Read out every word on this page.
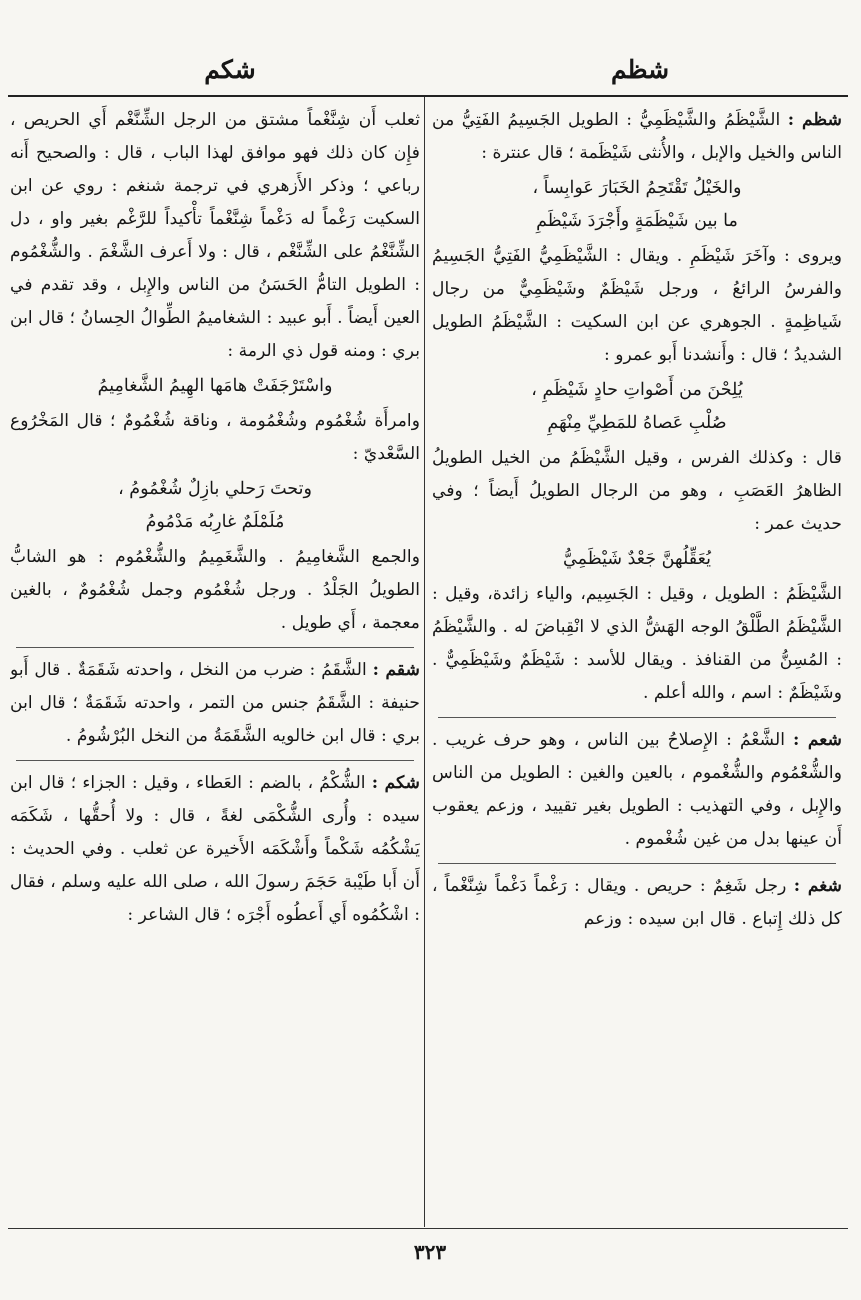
شظم
شكم

شظم : الشَّيْظَمُ والشَّيْظَمِيُّ : الطويل الجَسِيمُ الفَتِيُّ من الناس والخيل والإبل ، والأُنثى شَيْظَمة ؛ قال عنترة :

والخَيْلُ تَقْتَحِمُ الخَبَارَ عَوابِساً ،
ما بين شَيْظَمَةٍ وأَجْرَدَ شَيْظَمِ

ويروى : وآخَرَ شَيْظَمِ . ويقال : الشَّيْظَمِيُّ الفَتِيُّ الجَسِيمُ والفرسُ الرائعُ ، ورجل شَيْظَمٌ وشَيْظَمِيٌّ من رجال شَياظِمةٍ . الجوهري عن ابن السكيت : الشَّيْظَمُ الطويل الشديدُ ؛ قال : وأَنشدنا أَبو عمرو :

يُلِحْنَ من أَصْواتِ حادٍ شَيْظَمِ ،
صُلْبِ عَصاهُ للمَطِيِّ مِنْهَمِ

قال : وكذلك الفرس ، وقيل الشَّيْظَمُ من الخيل الطويلُ الظاهرُ العَصَبِ ، وهو من الرجال الطويلُ أَيضاً ؛ وفي حديث عمر :

يُعَقِّلُهنَّ جَعْدٌ شَيْظَمِيُّ

الشَّيْظَمُ : الطويل ، وقيل : الجَسِيم، والياء زائدة، وقيل : الشَّيْظَمُ الطَّلْقُ الوجه الهَشُّ الذي لا انْقِباضَ له . والشَّيْظَمُ : المُسِنُّ من القنافذ . ويقال للأسد : شَيْظَمٌ وشَيْظَمِيٌّ . وشَيْظَمٌ : اسم ، والله أعلم .

شعم : الشَّعْمُ : الإِصلاحُ بين الناس ، وهو حرف غريب . والشُّعْمُوم والشُّغْموم ، بالعين والغين : الطويل من الناس والإِبل ، وفي التهذيب : الطويل بغير تقييد ، وزعم يعقوب أَن عينها بدل من غين شُغْموم .

شغم : رجل شَغِمٌ : حريص . ويقال : رَغْماً دَغْماً شِنَّغْماً ، كل ذلك إِتباع . قال ابن سيده : وزعم

ثعلب أَن شِنَّغْماً مشتق من الرجل الشِّنَّغْم أَي الحريص ، فإِن كان ذلك فهو موافق لهذا الباب ، قال : والصحيح أَنه رباعي ؛ وذكر الأَزهري في ترجمة شنغم : روي عن ابن السكيت رَغْماً له دَغْماً شِنَّغْماً تأْكيداً للرَّغْم بغير واو ، دل الشِّنَّغْمُ على الشِّنَّغْم ، قال : ولا أَعرف الشَّغْمَ . والشُّغْمُوم : الطويل التامُّ الحَسَنُ من الناس والإِبل ، وقد تقدم في العين أَيضاً . أَبو عبيد : الشغاميمُ الطِّوالُ الحِسانُ ؛ قال ابن بري : ومنه قول ذي الرمة :

واسْتَرْجَفَتْ هامَها الهِيمُ الشَّغامِيمُ

وامرأَة شُغْمُوم وشُغْمُومة ، وناقة شُغْمُومٌ ؛ قال المَخْرُوع السَّعْديّ :

وتحتَ رَحلي بازِلٌ شُغْمُومُ ،
مُلَمْلَمٌ غارِبُه مَدْمُومُ

والجمع الشَّغامِيمُ . والشَّغَمِيمُ والشُّغْمُوم : هو الشابُّ الطويلُ الجَلْدُ . ورجل شُغْمُوم وجمل شُغْمُومٌ ، بالغين معجمة ، أَي طويل .

شقم : الشَّقَمُ : ضرب من النخل ، واحدته شَقَمَةٌ . قال أَبو حنيفة : الشَّقَمُ جنس من التمر ، واحدته شَقَمَةٌ ؛ قال ابن بري : قال ابن خالويه الشَّقَمَةُ من النخل البُرْشُومُ .

شكم : الشُّكْمُ ، بالضم : العَطاء ، وقيل : الجزاء ؛ قال ابن سيده : وأُرى الشُّكْمَى لغةً ، قال : ولا أُحقُّها ، شَكَمَه يَشْكُمُه شَكْماً وأَشْكَمَه الأَخيرة عن ثعلب . وفي الحديث : أَن أَبا طَيْبة حَجَمَ رسولَ الله ، صلى الله عليه وسلم ، فقال : اشْكُمُوه أَي أَعطُوه أَجْرَه ؛ قال الشاعر :

٣٢٣
